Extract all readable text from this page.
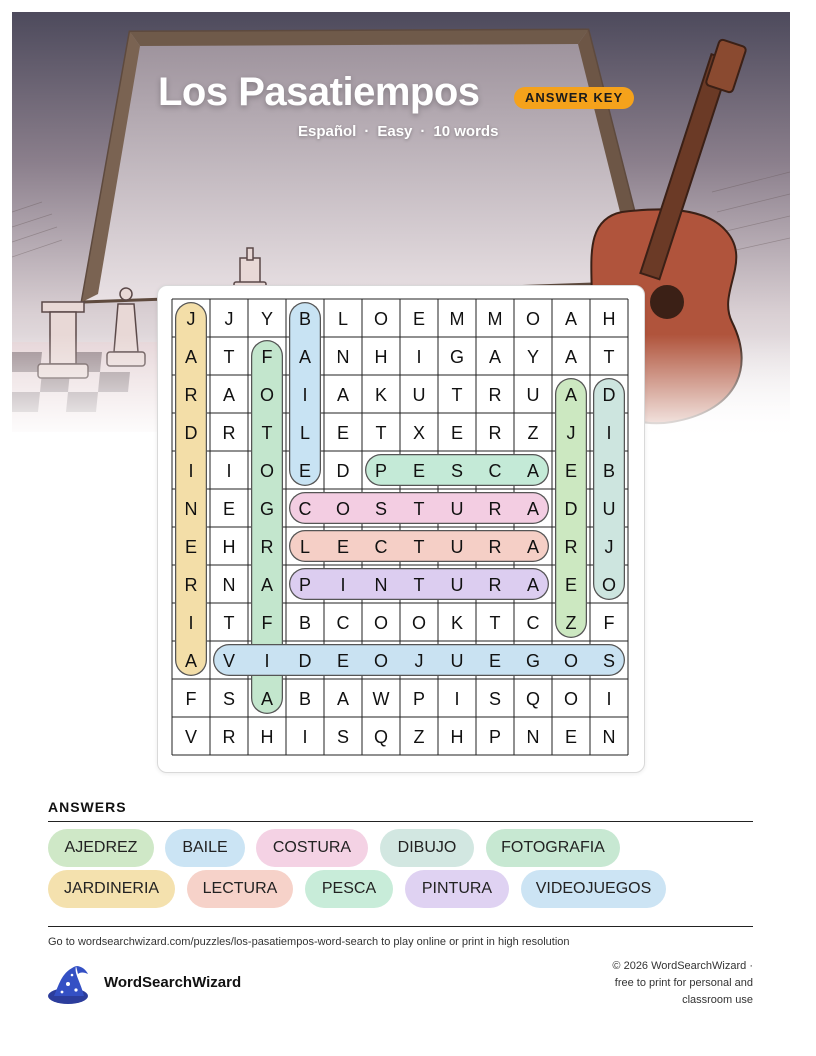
Los Pasatiempos	ANSWER KEY
Español · Easy · 10 words
J J Y B L O E M M O A H
A T F A N H I G A Y A T
R A O I A K U T R U A D
D R T L E T X E R Z J I
I I O E D P E S C A E B
N E G C O S T U R A D U
E H R L E C T U R A R J
R N A P I N T U R A E O
I T F B C O O K T C Z F
A V I D E O J U E G O S
F S A B A W P I S Q O I
V R H I S Q Z H P N E N
ANSWERS
AJEDREZ	BAILE	COSTURA	DIBUJO	FOTOGRAFIA
JARDINERIA	LECTURA	PESCA	PINTURA	VIDEOJUEGOS
Go to wordsearchwizard.com/puzzles/los-pasatiempos-word-search to play online or print in high resolution
WordSearchWizard
© 2026 WordSearchWizard ·
free to print for personal and
classroom use
